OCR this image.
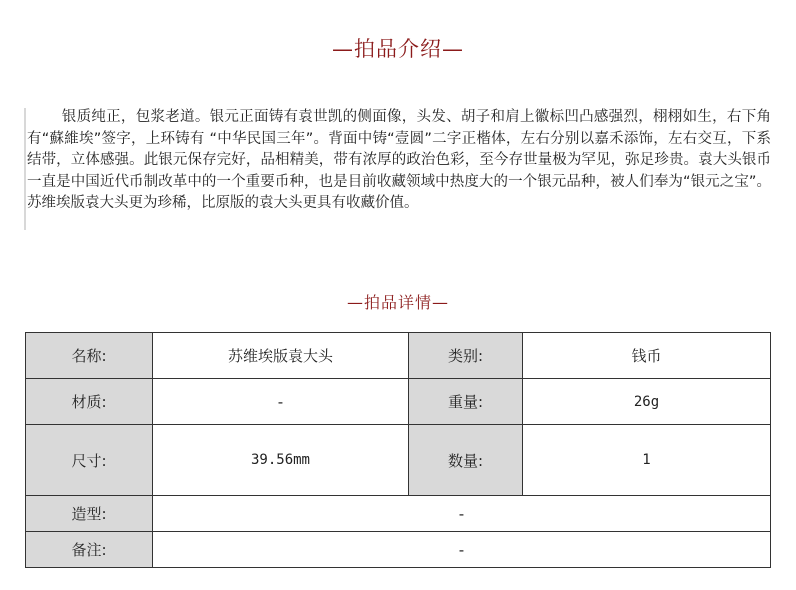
—拍品介绍—
银质纯正，包浆老道。银元正面铸有袁世凯的侧面像，头发、胡子和肩上徽标凹凸感强烈，栩栩如生，右下角有“蘇維埃”签字，上环铸有 “中华民国三年”。背面中铸“壹圆”二字正楷体，左右分别以嘉禾添饰，左右交互，下系结带，立体感强。此银元保存完好，品相精美，带有浓厚的政治色彩，至今存世量极为罕见，弥足珍贵。袁大头银币一直是中国近代币制改革中的一个重要币种，也是目前收藏领域中热度大的一个银元品种，被人们奉为“银元之宝”。苏维埃版袁大头更为珍稀，比原版的袁大头更具有收藏价值。
—拍品详情—
名称:	苏维埃版袁大头	类别:	钱币
材质:	-	重量:	26g
尺寸:	39.56mm	数量:	1
造型:	-		
备注:	-		
